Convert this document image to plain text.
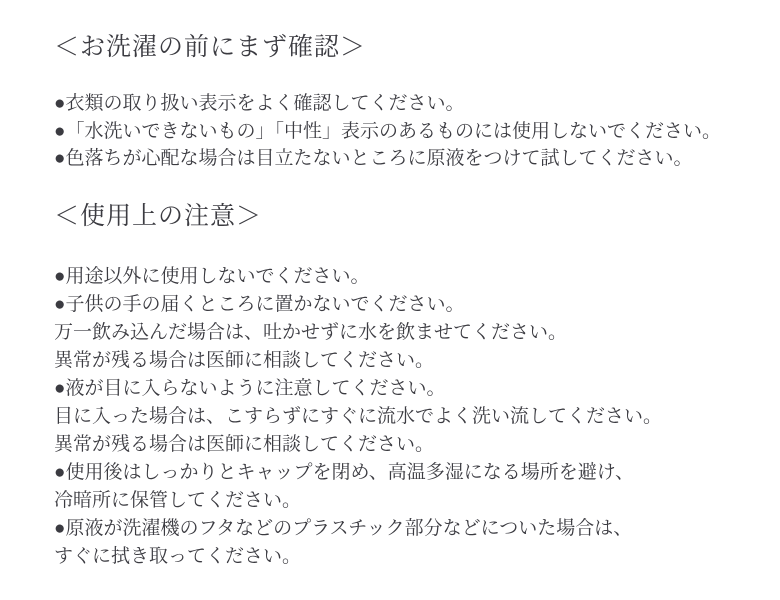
＜お洗濯の前にまず確認＞

●衣類の取り扱い表示をよく確認してください。

●「水洗いできないもの」「中性」表示のあるものには使用しないでください。

●色落ちが心配な場合は目立たないところに原液をつけて試してください。

＜使用上の注意＞

●用途以外に使用しないでください。

●子供の手の届くところに置かないでください。

万一飲み込んだ場合は、吐かせずに水を飲ませてください。

異常が残る場合は医師に相談してください。

●液が目に入らないように注意してください。

目に入った場合は、こすらずにすぐに流水でよく洗い流してください。

異常が残る場合は医師に相談してください。

●使用後はしっかりとキャップを閉め、高温多湿になる場所を避け、

冷暗所に保管してください。

●原液が洗濯機のフタなどのプラスチック部分などについた場合は、

すぐに拭き取ってください。
